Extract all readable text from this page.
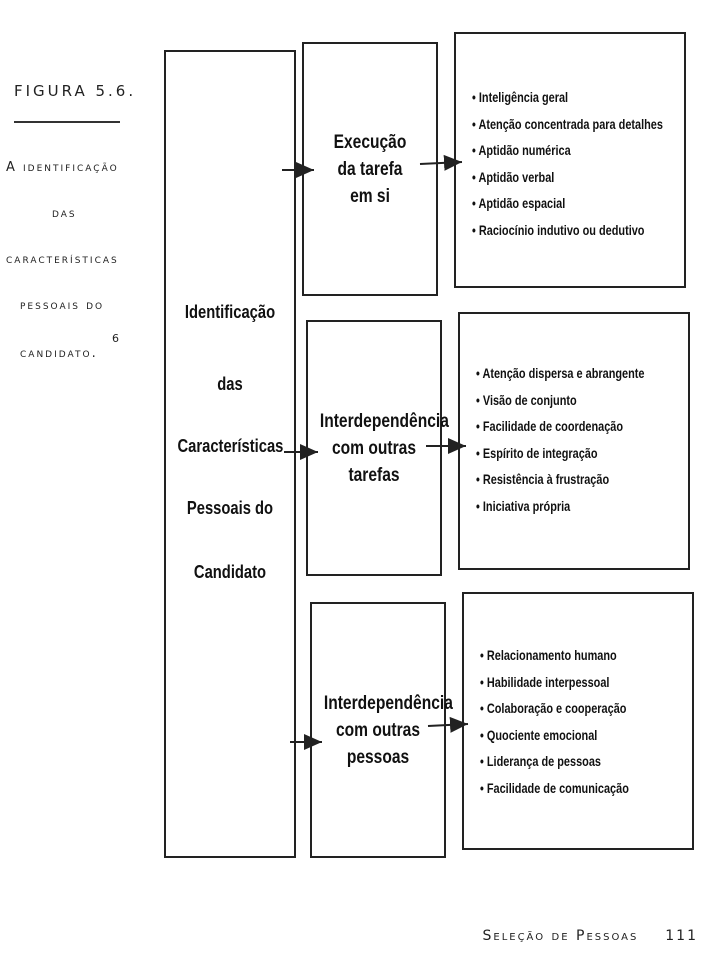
FIGURA 5.6.
A identificação
das
características
pessoais do
candidato.
6
Identificação
das
Características
Pessoais do
Candidato
Execução da tarefa em si
• Inteligência geral
• Atenção concentrada para detalhes
• Aptidão numérica
• Aptidão verbal
• Aptidão espacial
• Raciocínio indutivo ou dedutivo
Interdependência com outras tarefas
• Atenção dispersa e abrangente
• Visão de conjunto
• Facilidade de coordenação
• Espírito de integração
• Resistência à frustração
• Iniciativa própria
Interdependência com outras pessoas
• Relacionamento humano
• Habilidade interpessoal
• Colaboração e cooperação
• Quociente emocional
• Liderança de pessoas
• Facilidade de comunicação
Seleção de Pessoas 111
